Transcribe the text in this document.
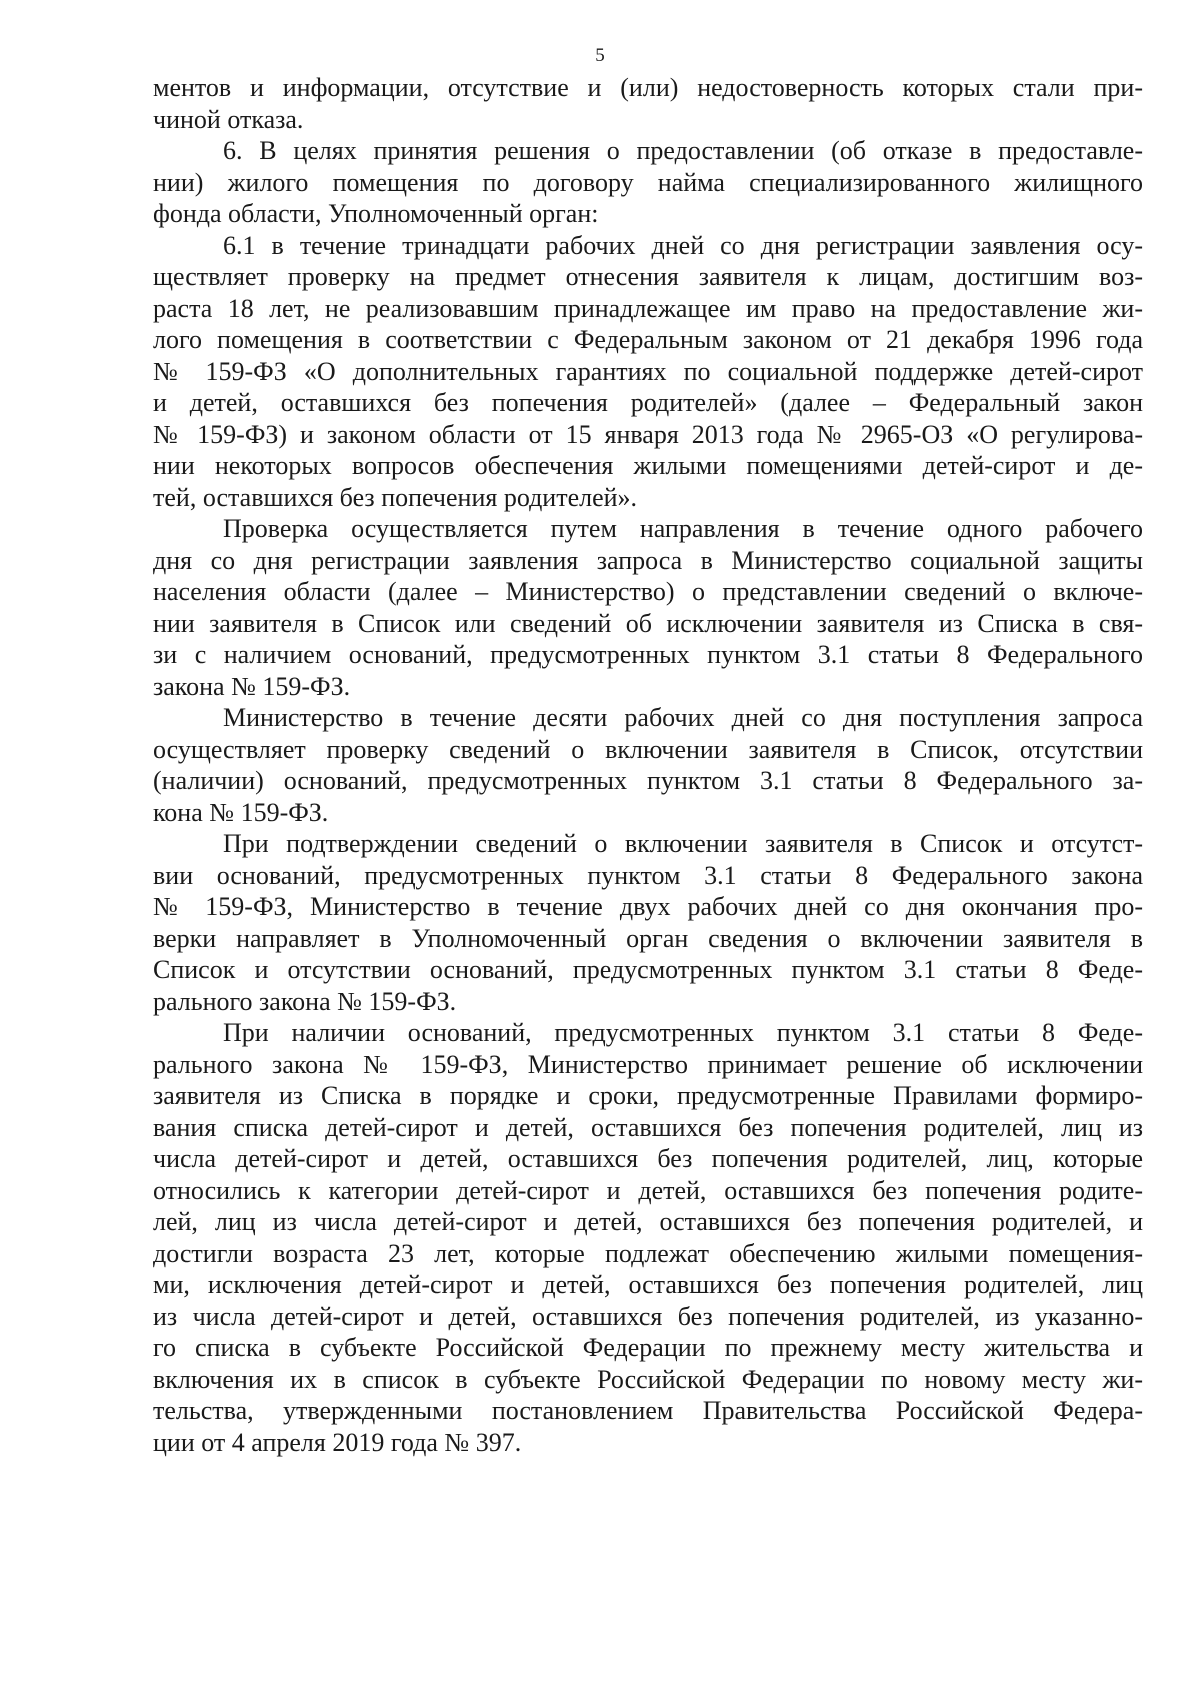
5
ментов и информации, отсутствие и (или) недостоверность которых стали при-
чиной отказа.
6. В целях принятия решения о предоставлении (об отказе в предоставле-
нии) жилого помещения по договору найма специализированного жилищного
фонда области, Уполномоченный орган:
6.1 в течение тринадцати рабочих дней со дня регистрации заявления осу-
ществляет проверку на предмет отнесения заявителя к лицам, достигшим воз-
раста 18 лет, не реализовавшим принадлежащее им право на предоставление жи-
лого помещения в соответствии с Федеральным законом от 21 декабря 1996 года
№ 159-ФЗ «О дополнительных гарантиях по социальной поддержке детей-сирот
и детей, оставшихся без попечения родителей» (далее – Федеральный закон
№ 159-ФЗ) и законом области от 15 января 2013 года № 2965-ОЗ «О регулирова-
нии некоторых вопросов обеспечения жилыми помещениями детей-сирот и де-
тей, оставшихся без попечения родителей».
Проверка осуществляется путем направления в течение одного рабочего
дня со дня регистрации заявления запроса в Министерство социальной защиты
населения области (далее – Министерство) о представлении сведений о включе-
нии заявителя в Список или сведений об исключении заявителя из Списка в свя-
зи с наличием оснований, предусмотренных пунктом 3.1 статьи 8 Федерального
закона № 159-ФЗ.
Министерство в течение десяти рабочих дней со дня поступления запроса
осуществляет проверку сведений о включении заявителя в Список, отсутствии
(наличии) оснований, предусмотренных пунктом 3.1 статьи 8 Федерального за-
кона № 159-ФЗ.
При подтверждении сведений о включении заявителя в Список и отсутст-
вии оснований, предусмотренных пунктом 3.1 статьи 8 Федерального закона
№ 159-ФЗ, Министерство в течение двух рабочих дней со дня окончания про-
верки направляет в Уполномоченный орган сведения о включении заявителя в
Список и отсутствии оснований, предусмотренных пунктом 3.1 статьи 8 Феде-
рального закона № 159-ФЗ.
При наличии оснований, предусмотренных пунктом 3.1 статьи 8 Феде-
рального закона № 159-ФЗ, Министерство принимает решение об исключении
заявителя из Списка в порядке и сроки, предусмотренные Правилами формиро-
вания списка детей-сирот и детей, оставшихся без попечения родителей, лиц из
числа детей-сирот и детей, оставшихся без попечения родителей, лиц, которые
относились к категории детей-сирот и детей, оставшихся без попечения родите-
лей, лиц из числа детей-сирот и детей, оставшихся без попечения родителей, и
достигли возраста 23 лет, которые подлежат обеспечению жилыми помещения-
ми, исключения детей-сирот и детей, оставшихся без попечения родителей, лиц
из числа детей-сирот и детей, оставшихся без попечения родителей, из указанно-
го списка в субъекте Российской Федерации по прежнему месту жительства и
включения их в список в субъекте Российской Федерации по новому месту жи-
тельства, утвержденными постановлением Правительства Российской Федера-
ции от 4 апреля 2019 года № 397.
